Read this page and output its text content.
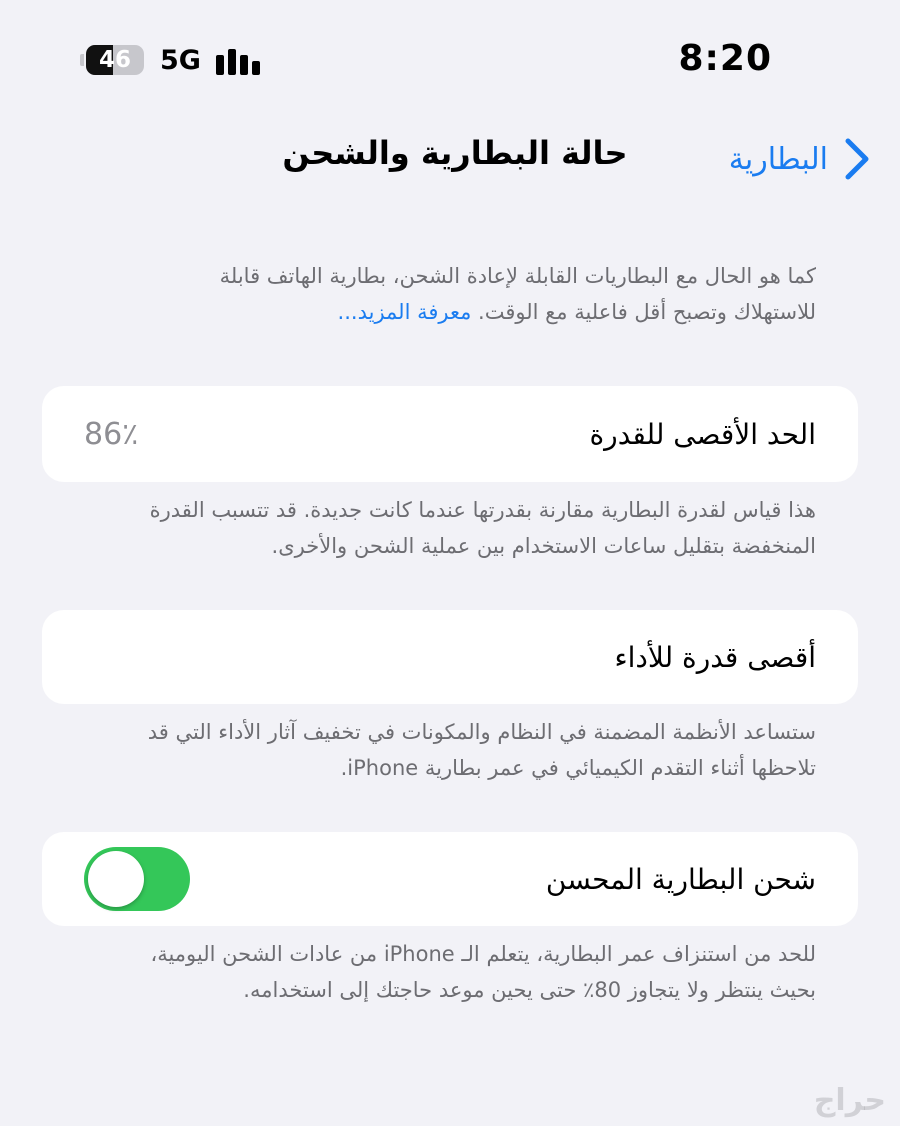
46	5G	8:20
حالة البطارية والشحن	البطارية
كما هو الحال مع البطاريات القابلة لإعادة الشحن، بطارية الهاتف قابلة للاستهلاك وتصبح أقل فاعلية مع الوقت. معرفة المزيد...
الحد الأقصى للقدرة
86٪
هذا قياس لقدرة البطارية مقارنة بقدرتها عندما كانت جديدة. قد تتسبب القدرة المنخفضة بتقليل ساعات الاستخدام بين عملية الشحن والأخرى.
أقصى قدرة للأداء
ستساعد الأنظمة المضمنة في النظام والمكونات في تخفيف آثار الأداء التي قد تلاحظها أثناء التقدم الكيميائي في عمر بطارية iPhone.
شحن البطارية المحسن
للحد من استنزاف عمر البطارية، يتعلم الـ iPhone من عادات الشحن اليومية، بحيث ينتظر ولا يتجاوز 80٪ حتى يحين موعد حاجتك إلى استخدامه.
حراج
